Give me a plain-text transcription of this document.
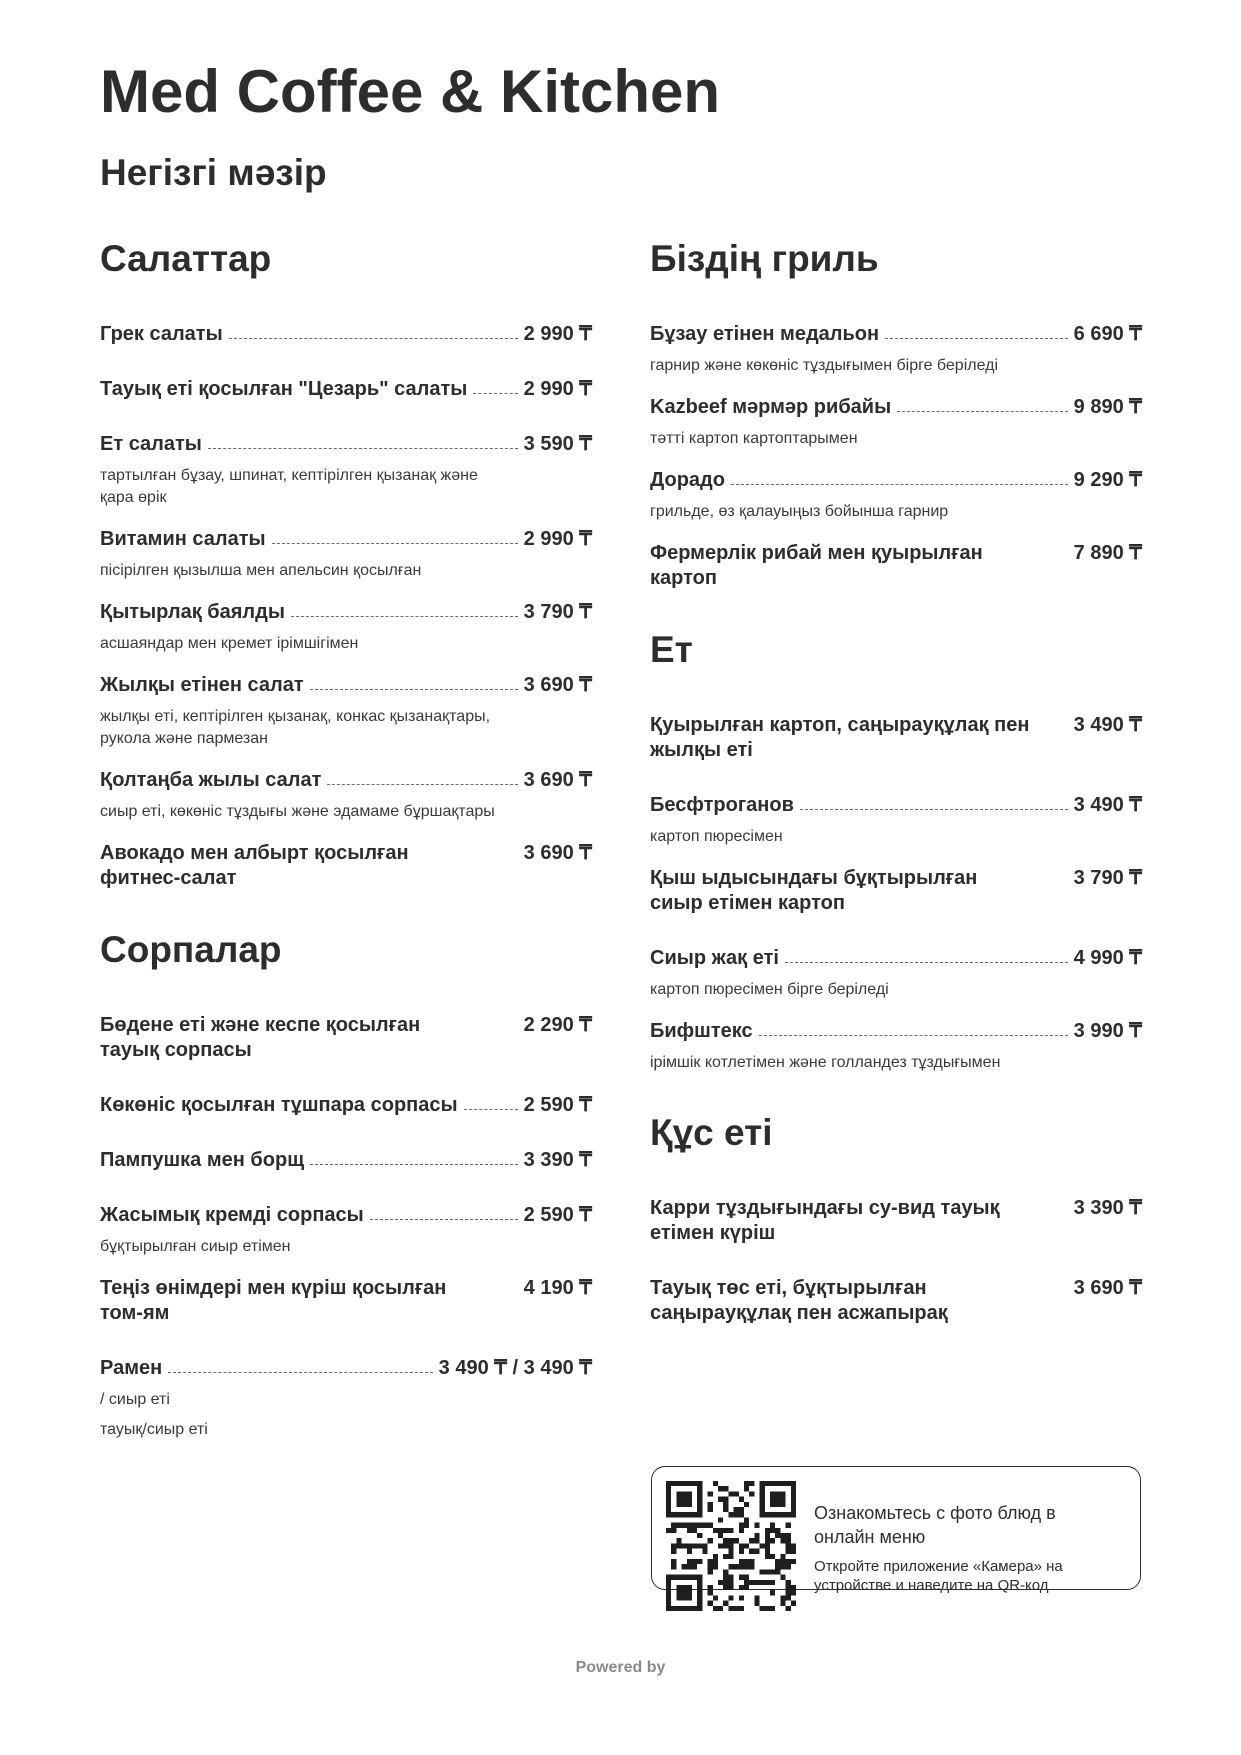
Med Coffee & Kitchen
Негізгі мәзір
Салаттар
Грек салаты	2 990 ₸
Тауық еті қосылған "Цезарь" салаты	2 990 ₸
Ет салаты	3 590 ₸
тартылған бұзау, шпинат, кептірілген қызанақ және қара өрік
Витамин салаты	2 990 ₸
пісірілген қызылша мен апельсин қосылған
Қытырлақ баялды	3 790 ₸
асшаяндар мен кремет ірімшігімен
Жылқы етінен салат	3 690 ₸
жылқы еті, кептірілген қызанақ, конкас қызанақтары, рукола және пармезан
Қолтаңба жылы салат	3 690 ₸
сиыр еті, көкөніс тұздығы және эдамаме бұршақтары
Авокадо мен албырт қосылған фитнес-салат
3 690 ₸
Сорпалар
Бөдене еті және кеспе қосылған тауық сорпасы
2 290 ₸
Көкөніс қосылған тұшпара сорпасы	2 590 ₸
Пампушка мен борщ	3 390 ₸
Жасымық кремді сорпасы	2 590 ₸
бұқтырылған сиыр етімен
Теңіз өнімдері мен күріш қосылған том-ям
4 190 ₸
Рамен	3 490 ₸ / 3 490 ₸
/ сиыр еті
тауық/сиыр еті
Біздің гриль
Бұзау етінен медальон	6 690 ₸
гарнир және көкөніс тұздығымен бірге беріледі
Kazbeef мәрмәр рибайы	9 890 ₸
тәтті картоп картоптарымен
Дорадо	9 290 ₸
грильде, өз қалауыңыз бойынша гарнир
Фермерлік рибай мен қуырылған картоп
7 890 ₸
Ет
Қуырылған картоп, саңырауқұлақ пен жылқы еті
3 490 ₸
Бесфтроганов	3 490 ₸
картоп пюресімен
Қыш ыдысындағы бұқтырылған сиыр етімен картоп
3 790 ₸
Сиыр жақ еті	4 990 ₸
картоп пюресімен бірге беріледі
Бифштекс	3 990 ₸
ірімшік котлетімен және голландез тұздығымен
Құс еті
Карри тұздығындағы су-вид тауық етімен күріш
3 390 ₸
Тауық төс еті, бұқтырылған саңырауқұлақ пен асжапырақ
3 690 ₸
Ознакомьтесь с фото блюд в онлайн меню
Откройте приложение «Камера» на устройстве и наведите на QR-код
Powered by
